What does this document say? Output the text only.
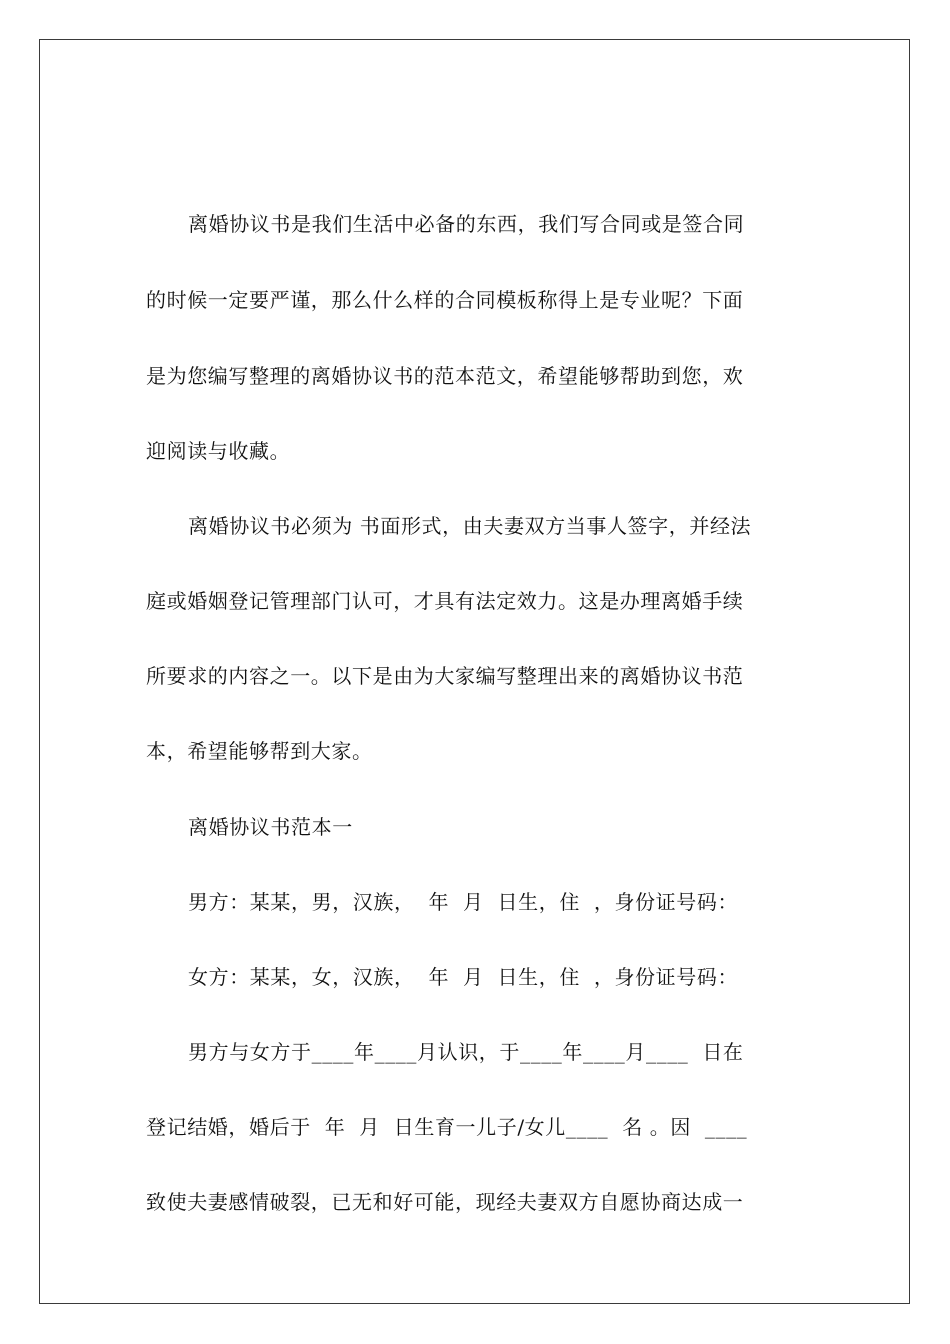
离婚协议书是我们生活中必备的东西，我们写合同或是签合同
的时候一定要严谨，那么什么样的合同模板称得上是专业呢？下面
是为您编写整理的离婚协议书的范本范文，希望能够帮助到您，欢
迎阅读与收藏。
离婚协议书必须为 书面形式，由夫妻双方当事人签字，并经法
庭或婚姻登记管理部门认可，才具有法定效力。这是办理离婚手续
所要求的内容之一。以下是由为大家编写整理出来的离婚协议书范
本，希望能够帮到大家。
离婚协议书范本一
男方：某某，男，汉族，  年  月  日生，住  ，身份证号码：
女方：某某，女，汉族，  年  月  日生，住  ，身份证号码：
男方与女方于____年____月认识，于____年____月____  日在
登记结婚，婚后于  年  月  日生育一儿子/女儿____  名 。因  ____
致使夫妻感情破裂，已无和好可能，现经夫妻双方自愿协商达成一
